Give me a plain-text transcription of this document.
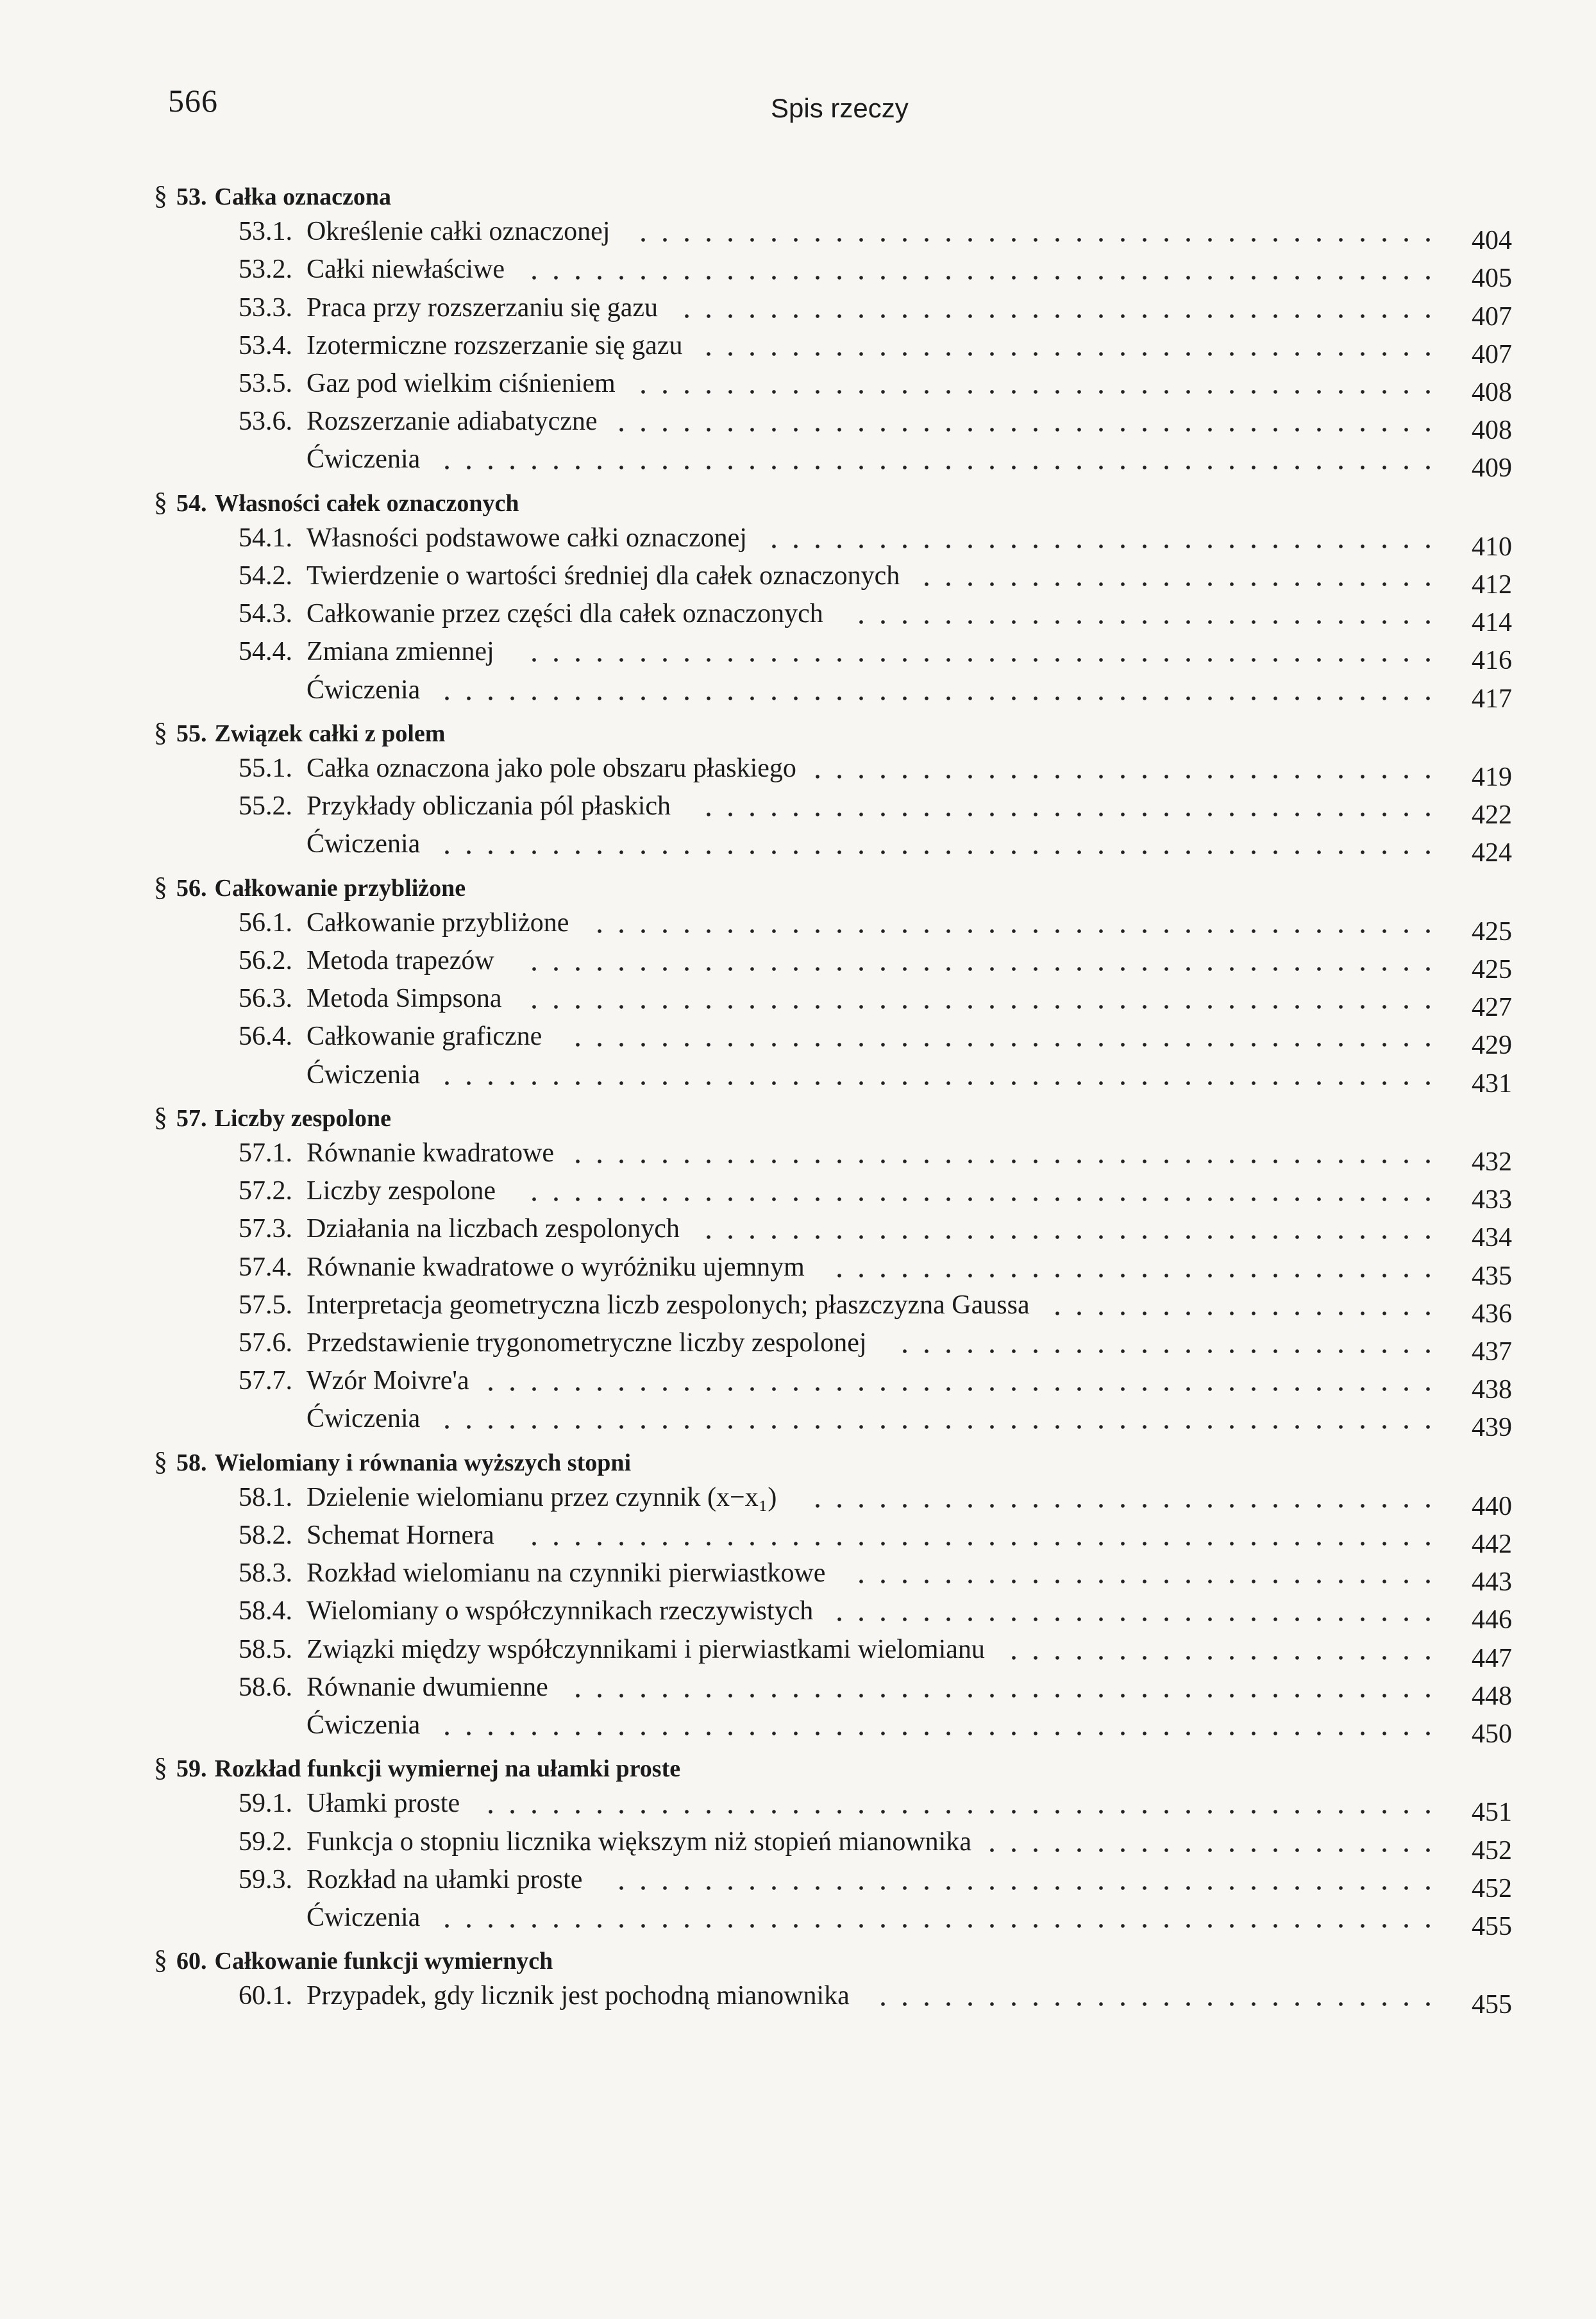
566	Spis rzeczy
§ 53. Całka oznaczona
53.1. Określenie całki oznaczonej	404
53.2. Całki niewłaściwe	405
53.3. Praca przy rozszerzaniu się gazu	407
53.4. Izotermiczne rozszerzanie się gazu	407
53.5. Gaz pod wielkim ciśnieniem	408
53.6. Rozszerzanie adiabatyczne	408
Ćwiczenia	409
§ 54. Własności całek oznaczonych
54.1. Własności podstawowe całki oznaczonej	410
54.2. Twierdzenie o wartości średniej dla całek oznaczonych	412
54.3. Całkowanie przez części dla całek oznaczonych	414
54.4. Zmiana zmiennej	416
Ćwiczenia	417
§ 55. Związek całki z polem
55.1. Całka oznaczona jako pole obszaru płaskiego	419
55.2. Przykłady obliczania pól płaskich	422
Ćwiczenia	424
§ 56. Całkowanie przybliżone
56.1. Całkowanie przybliżone	425
56.2. Metoda trapezów	425
56.3. Metoda Simpsona	427
56.4. Całkowanie graficzne	429
Ćwiczenia	431
§ 57. Liczby zespolone
57.1. Równanie kwadratowe	432
57.2. Liczby zespolone	433
57.3. Działania na liczbach zespolonych	434
57.4. Równanie kwadratowe o wyróżniku ujemnym	435
57.5. Interpretacja geometryczna liczb zespolonych; płaszczyzna Gaussa	436
57.6. Przedstawienie trygonometryczne liczby zespolonej	437
57.7. Wzór Moivre'a	438
Ćwiczenia	439
§ 58. Wielomiany i równania wyższych stopni
58.1. Dzielenie wielomianu przez czynnik (x−x₁)	440
58.2. Schemat Hornera	442
58.3. Rozkład wielomianu na czynniki pierwiastkowe	443
58.4. Wielomiany o współczynnikach rzeczywistych	446
58.5. Związki między współczynnikami i pierwiastkami wielomianu	447
58.6. Równanie dwumienne	448
Ćwiczenia	450
§ 59. Rozkład funkcji wymiernej na ułamki proste
59.1. Ułamki proste	451
59.2. Funkcja o stopniu licznika większym niż stopień mianownika	452
59.3. Rozkład na ułamki proste	452
Ćwiczenia	455
§ 60. Całkowanie funkcji wymiernych
60.1. Przypadek, gdy licznik jest pochodną mianownika	455
